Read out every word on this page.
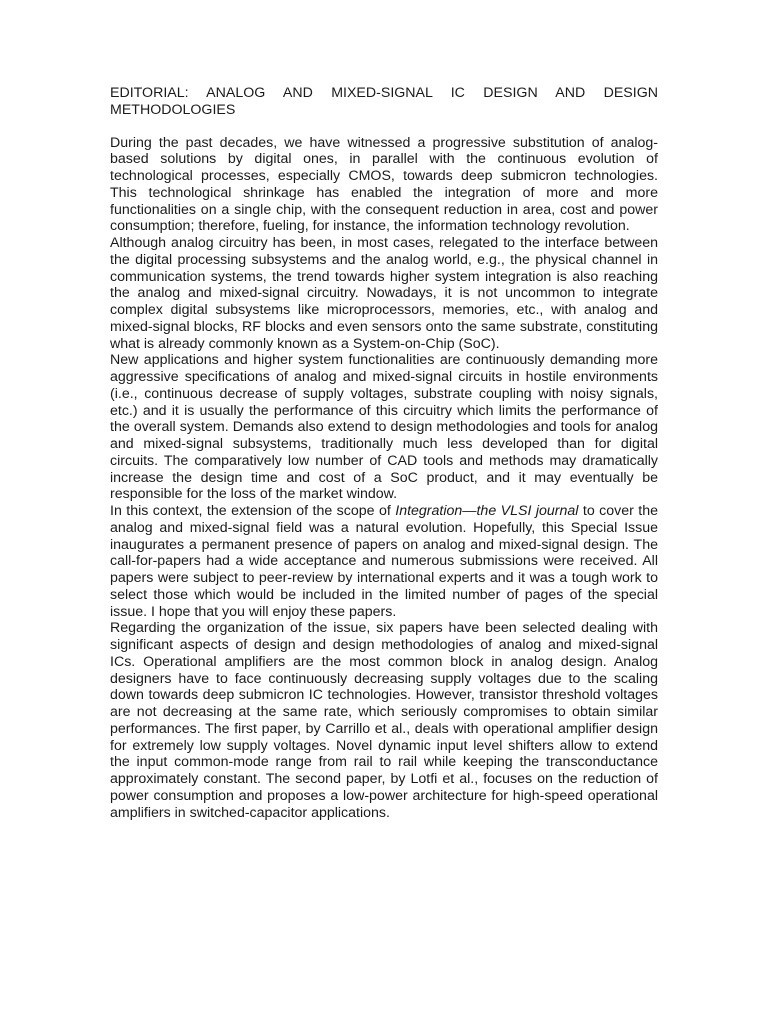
EDITORIAL: ANALOG AND MIXED-SIGNAL IC DESIGN AND DESIGN METHODOLOGIES

During the past decades, we have witnessed a progressive substitution of analog-based solutions by digital ones, in parallel with the continuous evolution of technological processes, especially CMOS, towards deep submicron technologies. This technological shrinkage has enabled the integration of more and more functionalities on a single chip, with the consequent reduction in area, cost and power consumption; therefore, fueling, for instance, the information technology revolution.

Although analog circuitry has been, in most cases, relegated to the interface between the digital processing subsystems and the analog world, e.g., the physical channel in communication systems, the trend towards higher system integration is also reaching the analog and mixed-signal circuitry. Nowadays, it is not uncommon to integrate complex digital subsystems like microprocessors, memories, etc., with analog and mixed-signal blocks, RF blocks and even sensors onto the same substrate, constituting what is already commonly known as a System-on-Chip (SoC).

New applications and higher system functionalities are continuously demanding more aggressive specifications of analog and mixed-signal circuits in hostile environments (i.e., continuous decrease of supply voltages, substrate coupling with noisy signals, etc.) and it is usually the performance of this circuitry which limits the performance of the overall system. Demands also extend to design methodologies and tools for analog and mixed-signal subsystems, traditionally much less developed than for digital circuits. The comparatively low number of CAD tools and methods may dramatically increase the design time and cost of a SoC product, and it may eventually be responsible for the loss of the market window.

In this context, the extension of the scope of Integration—the VLSI journal to cover the analog and mixed-signal field was a natural evolution. Hopefully, this Special Issue inaugurates a permanent presence of papers on analog and mixed-signal design. The call-for-papers had a wide acceptance and numerous submissions were received. All papers were subject to peer-review by international experts and it was a tough work to select those which would be included in the limited number of pages of the special issue. I hope that you will enjoy these papers.

Regarding the organization of the issue, six papers have been selected dealing with significant aspects of design and design methodologies of analog and mixed-signal ICs. Operational amplifiers are the most common block in analog design. Analog designers have to face continuously decreasing supply voltages due to the scaling down towards deep submicron IC technologies. However, transistor threshold voltages are not decreasing at the same rate, which seriously compromises to obtain similar performances. The first paper, by Carrillo et al., deals with operational amplifier design for extremely low supply voltages. Novel dynamic input level shifters allow to extend the input common-mode range from rail to rail while keeping the transconductance approximately constant. The second paper, by Lotfi et al., focuses on the reduction of power consumption and proposes a low-power architecture for high-speed operational amplifiers in switched-capacitor applications.
